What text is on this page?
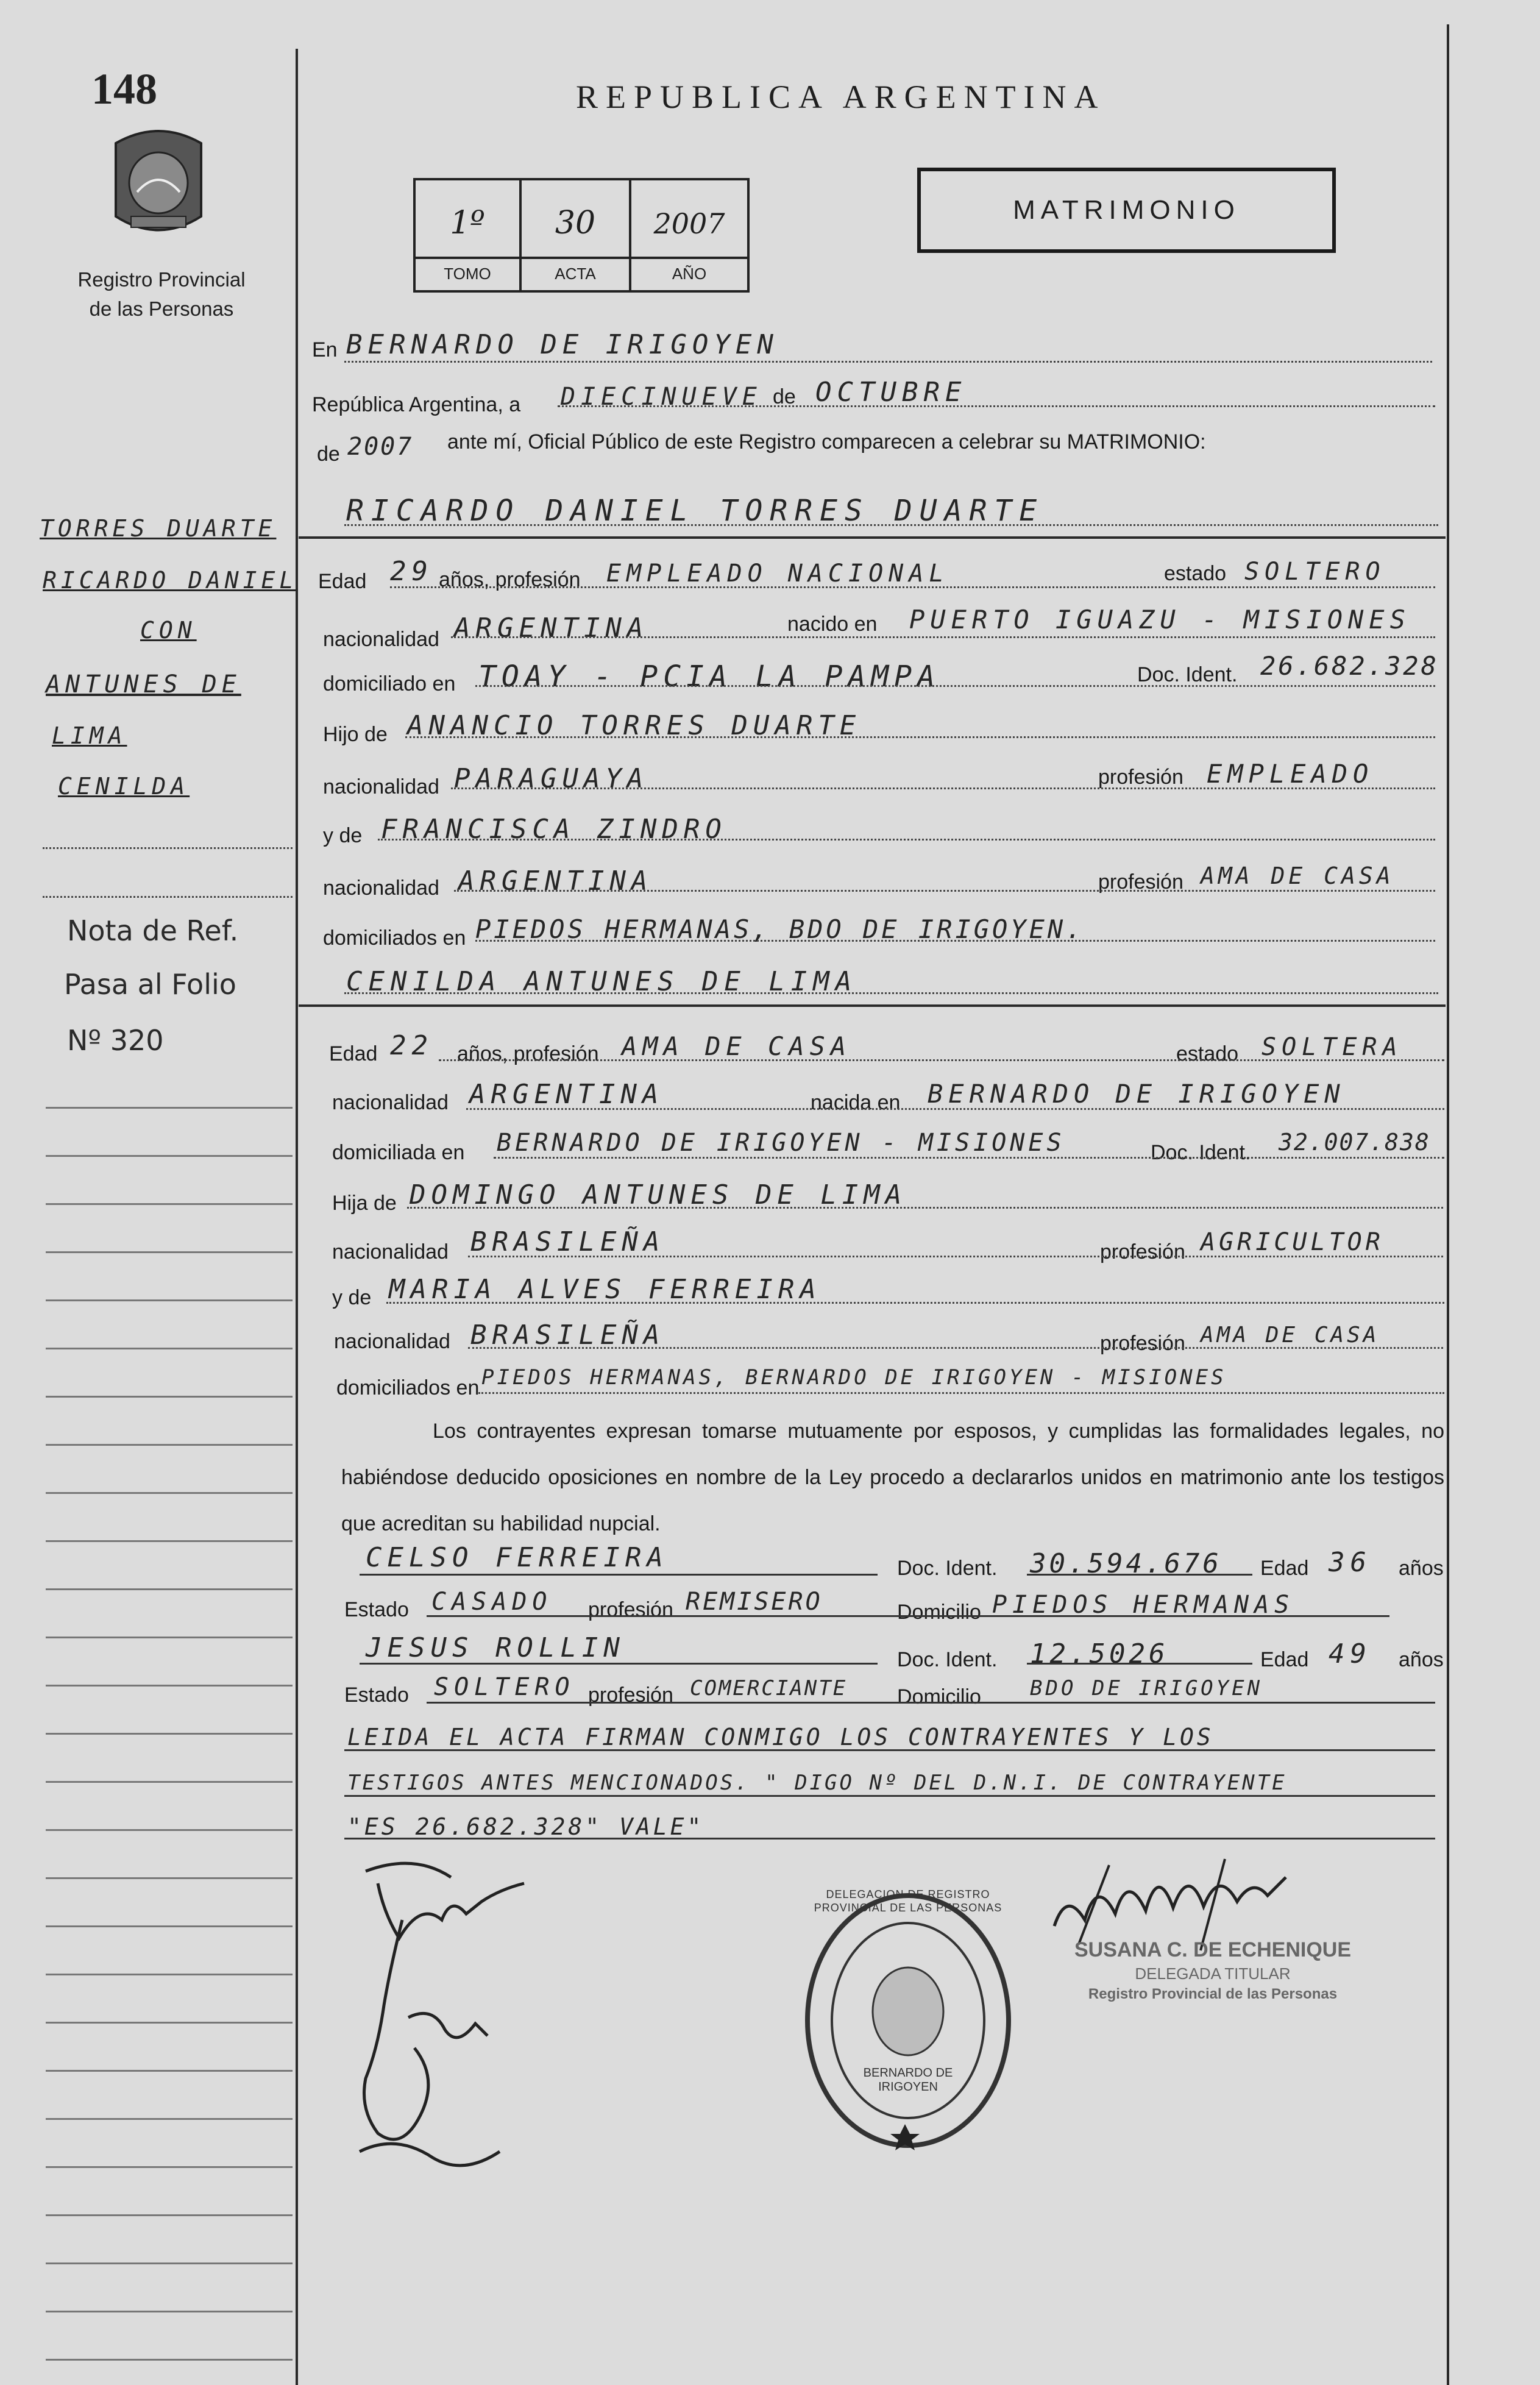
148
Registro Provincial
de las Personas
REPUBLICA ARGENTINA
1º	30	2007
TOMO	ACTA	AÑO
MATRIMONIO
En BERNARDO DE IRIGOYEN
República Argentina, a DIECINUEVE de OCTUBRE
de 2007 ante mí, Oficial Público de este Registro comparecen a celebrar su MATRIMONIO:
RICARDO DANIEL TORRES DUARTE
Edad 29 años, profesión EMPLEADO NACIONAL	estado SOLTERO
nacionalidad ARGENTINA	nacido en PUERTO IGUAZU - MISIONES
domiciliado en TOAY - PCIA LA PAMPA	Doc. Ident. 26.682.328
Hijo de ANANCIO TORRES DUARTE
nacionalidad PARAGUAYA	profesión EMPLEADO
y de FRANCISCA ZINDRO
nacionalidad ARGENTINA	profesión AMA DE CASA
domiciliados en PIEDOS HERMANAS, BDO DE IRIGOYEN.
CENILDA ANTUNES DE LIMA
Edad 22 años, profesión AMA DE CASA	estado SOLTERA
nacionalidad ARGENTINA	nacida en BERNARDO DE IRIGOYEN
domiciliada en BERNARDO DE IRIGOYEN - MISIONES	Doc. Ident. 32.007.838
Hija de DOMINGO ANTUNES DE LIMA
nacionalidad BRASILEÑA	profesión AGRICULTOR
y de MARIA ALVES FERREIRA
nacionalidad BRASILEÑA	profesión AMA DE CASA
domiciliados en PIEDOS HERMANAS, BERNARDO DE IRIGOYEN - MISIONES
Los contrayentes expresan tomarse mutuamente por esposos, y cumplidas las formalidades legales, no habiéndose deducido oposiciones en nombre de la Ley procedo a declararlos unidos en matrimonio ante los testigos que acreditan su habilidad nupcial.
CELSO FERREIRA	Doc. Ident. 30.594.676 Edad 36 años
Estado CASADO profesión REMISERO	Domicilio PIEDOS HERMANAS
JESUS ROLLIN	Doc. Ident. 12.5026	Edad 49 años
Estado SOLTERO profesión COMERCIANTE Domicilio BDO DE IRIGOYEN
LEIDA EL ACTA FIRMAN CONMIGO LOS CONTRAYENTES Y LOS
TESTIGOS ANTES MENCIONADOS. " DIGO Nº DEL D.N.I. DE CONTRAYENTE
"ES 26.682.328" VALE"
DELEGACION DE REGISTRO PROVINCIAL DE LAS PERSONAS
BERNARDO DE IRIGOYEN
SUSANA C. DE ECHENIQUE
DELEGADA TITULAR
Registro Provincial de las Personas
TORRES DUARTE
RICARDO DANIEL
CON
ANTUNES DE
LIMA
CENILDA
Nota de Ref.
Pasa al Folio
Nº 320
